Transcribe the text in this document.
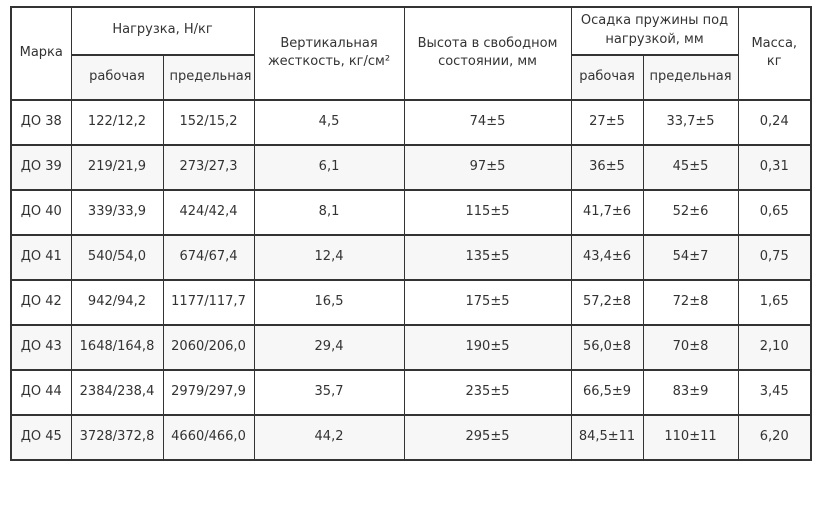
Марка	Нагрузка, Н/кг		Вертикальная жесткость, кг/см²	Высота в свободном состоянии, мм	Осадка пружины под нагрузкой, мм		Масса, кг
	рабочая	предельная			рабочая	предельная	
ДО 38	122/12,2	152/15,2	4,5	74±5	27±5	33,7±5	0,24
ДО 39	219/21,9	273/27,3	6,1	97±5	36±5	45±5	0,31
ДО 40	339/33,9	424/42,4	8,1	115±5	41,7±6	52±6	0,65
ДО 41	540/54,0	674/67,4	12,4	135±5	43,4±6	54±7	0,75
ДО 42	942/94,2	1177/117,7	16,5	175±5	57,2±8	72±8	1,65
ДО 43	1648/164,8	2060/206,0	29,4	190±5	56,0±8	70±8	2,10
ДО 44	2384/238,4	2979/297,9	35,7	235±5	66,5±9	83±9	3,45
ДО 45	3728/372,8	4660/466,0	44,2	295±5	84,5±11	110±11	6,20
